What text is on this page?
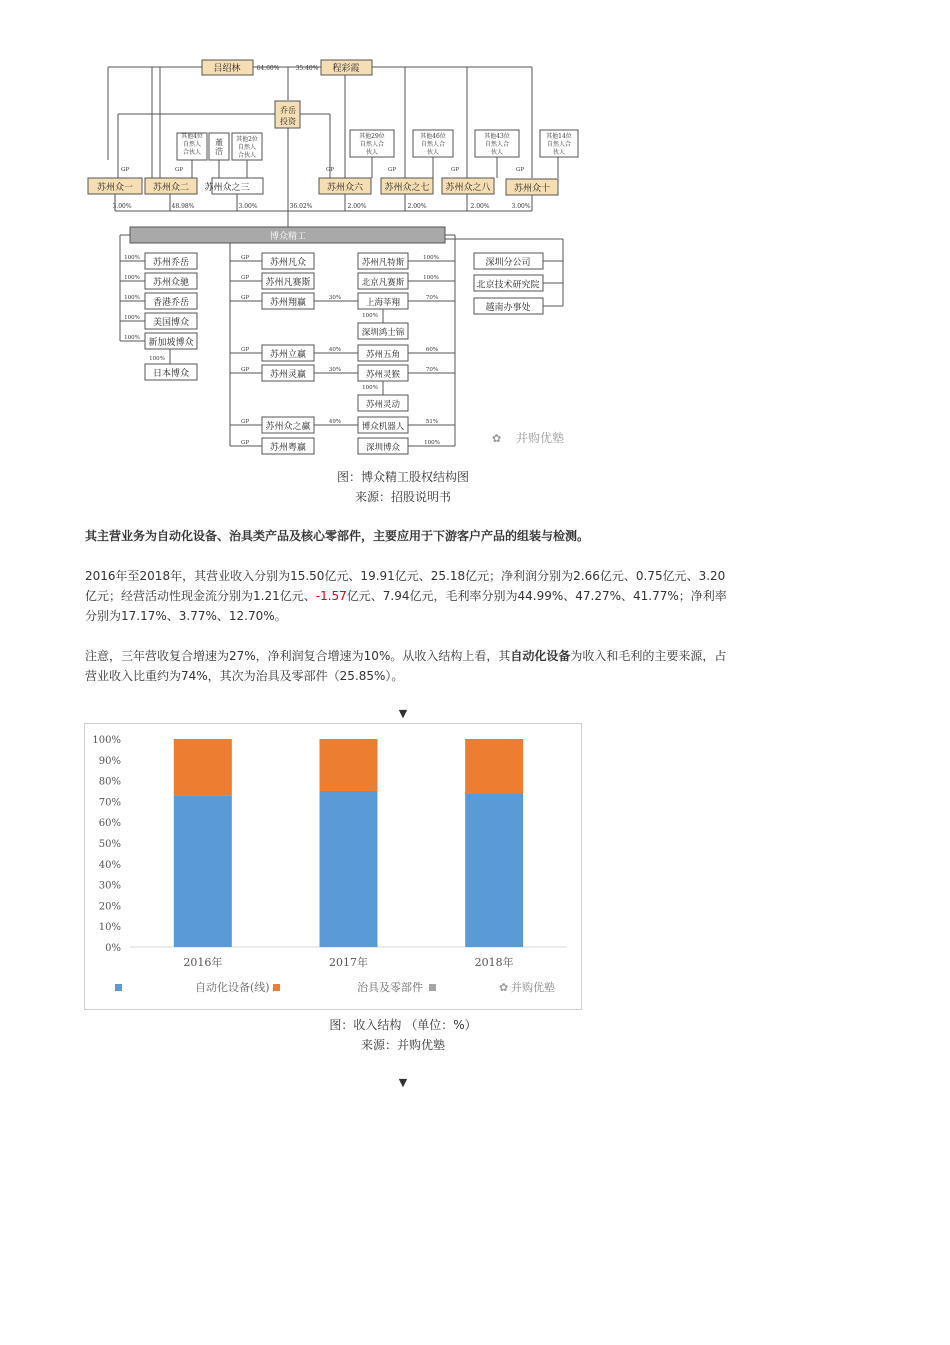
吕绍林	程彩霞
乔岳
投资
苏州众之三
64.60%	35.40%
其他4位
自然人
合伙人
董
浩
其他2位
自然人
合伙人
其他29位
自然人合
伙人
其他46位
自然人合
伙人
其他43位
自然人合
伙人
其他14位
自然人合
伙人
苏州众一 苏州众二	苏州众六 苏州众之七 苏州众之八	苏州众十
GP	GP	GP	GP	GP	GP
GP
GP
GP
GP
GP
GP
GP
3.00%	48.98%	3.00%	2.00%	2.00%	2.00%	3.00%
36.02%
博众精工
苏州乔岳
苏州众驰
香港乔岳
美国博众
新加坡博众
日本博众
苏州凡众
苏州凡赛斯
苏州翔赢
苏州立赢
苏州灵赢
苏州众之赢
苏州粤赢
苏州凡特斯
北京凡赛斯
上海莘翔
深圳鸿士锦
苏州五角
苏州灵猴
苏州灵动
博众机器人
深圳博众
深圳分公司
北京技术研究院
越南办事处
100%
100%
100%
100%
100%
100%
100%
100%
30%	70%
100%
40%	60%
30%	70%
100%
49%	51%
100%	✿ 并购优塾
图：博众精工股权结构图
来源：招股说明书

其主营业务为自动化设备、治具类产品及核心零部件，主要应用于下游客户产品的组装与检测。

2016年至2018年，其营业收入分别为15.50亿元、19.91亿元、25.18亿元；净利润分别为2.66亿元、0.75亿元、3.20亿元；经营活动性现金流分别为1.21亿元、-1.57亿元、7.94亿元，毛利率分别为44.99%、47.27%、41.77%；净利率分别为17.17%、3.77%、12.70%。

注意，三年营收复合增速为27%，净利润复合增速为10%。从收入结构上看，其自动化设备为收入和毛利的主要来源，占营业收入比重约为74%，其次为治具及零部件（25.85%）。

▼
0%
10%
20%
30%
40%
50%
60%
70%
80%
90%
100%
2016年	2017年	2018年
自动化设备(线)	治具及零部件	✿ 并购优塾
图：收入结构 （单位：%）
来源：并购优塾
▼
